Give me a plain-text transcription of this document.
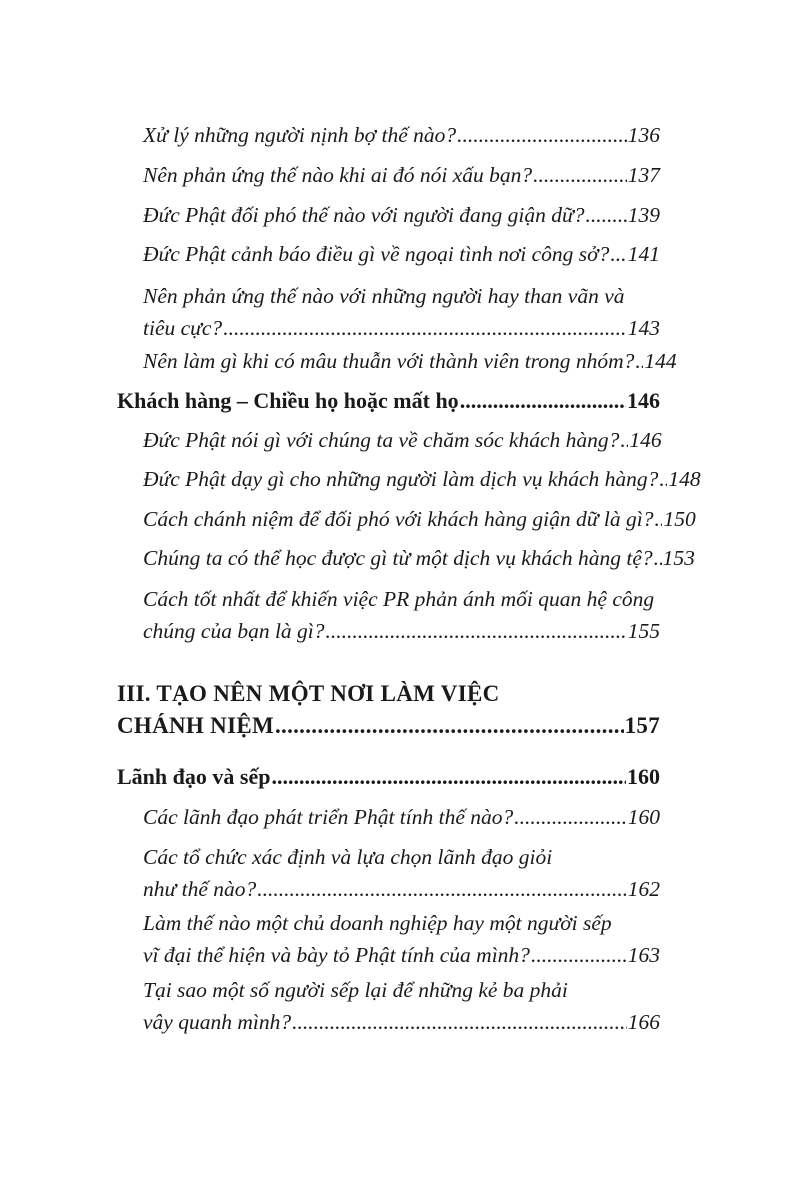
Xử lý những người nịnh bợ thế nào? .....	136
Nên phản ứng thế nào khi ai đó nói xấu bạn? .....	137
Đức Phật đối phó thế nào với người đang giận dữ? ..... 139
Đức Phật cảnh báo điều gì về ngoại tình nơi công sở? ..... 141
Nên phản ứng thế nào với những người hay than vãn và
tiêu cực? .....	143
Nên làm gì khi có mâu thuẫn với thành viên trong nhóm? ..... 144
Khách hàng – Chiều họ hoặc mất họ .....	146
Đức Phật nói gì với chúng ta về chăm sóc khách hàng? ..... 146
Đức Phật dạy gì cho những người làm dịch vụ khách hàng? ..... 148
Cách chánh niệm để đối phó với khách hàng giận dữ là gì? ..... 150
Chúng ta có thể học được gì từ một dịch vụ khách hàng tệ? ..... 153
Cách tốt nhất để khiến việc PR phản ánh mối quan hệ công
chúng của bạn là gì? .....	155
III. TẠO NÊN MỘT NƠI LÀM VIỆC
CHÁNH NIỆM .....	157
Lãnh đạo và sếp .....	160
Các lãnh đạo phát triển Phật tính thế nào? .....	160
Các tổ chức xác định và lựa chọn lãnh đạo giỏi
như thế nào? .....	162
Làm thế nào một chủ doanh nghiệp hay một người sếp
vĩ đại thể hiện và bày tỏ Phật tính của mình? .....	163
Tại sao một số người sếp lại để những kẻ ba phải
vây quanh mình? .....	166
